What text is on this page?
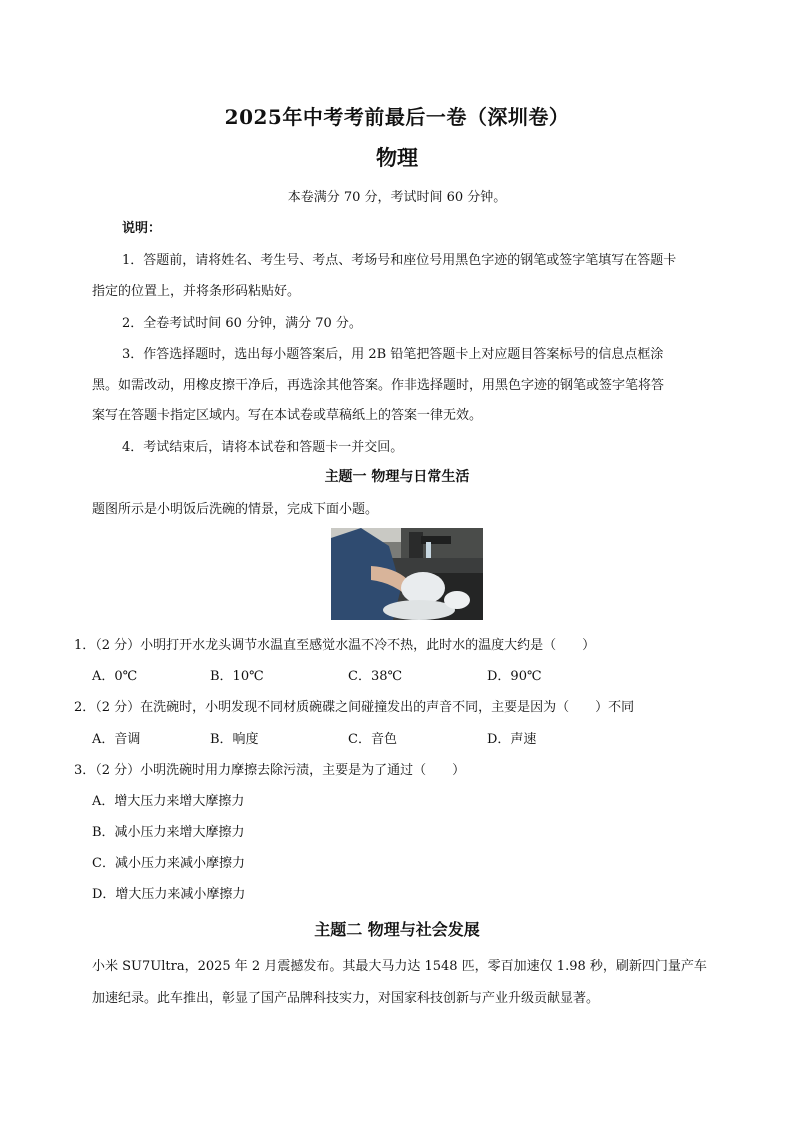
2025年中考考前最后一卷（深圳卷）
物理
本卷满分 70 分，考试时间 60 分钟。
说明：
1．答题前，请将姓名、考生号、考点、考场号和座位号用黑色字迹的钢笔或签字笔填写在答题卡
指定的位置上，并将条形码粘贴好。
2．全卷考试时间 60 分钟，满分 70 分。
3．作答选择题时，选出每小题答案后，用 2B 铅笔把答题卡上对应题目答案标号的信息点框涂
黑。如需改动，用橡皮擦干净后，再选涂其他答案。作非选择题时，用黑色字迹的钢笔或签字笔将答
案写在答题卡指定区域内。写在本试卷或草稿纸上的答案一律无效。
4．考试结束后，请将本试卷和答题卡一并交回。
主题一 物理与日常生活
题图所示是小明饭后洗碗的情景，完成下面小题。
1．（2 分）小明打开水龙头调节水温直至感觉水温不冷不热，此时水的温度大约是（　　）
A．0℃	B．10℃	C．38℃	D．90℃
2．（2 分）在洗碗时，小明发现不同材质碗碟之间碰撞发出的声音不同，主要是因为（　　）不同
A．音调	B．响度	C．音色	D．声速
3．（2 分）小明洗碗时用力摩擦去除污渍，主要是为了通过（　　）
A．增大压力来增大摩擦力
B．减小压力来增大摩擦力
C．减小压力来减小摩擦力
D．增大压力来减小摩擦力
主题二 物理与社会发展
小米 SU7Ultra，2025 年 2 月震撼发布。其最大马力达 1548 匹，零百加速仅 1.98 秒，刷新四门量产车
加速纪录。此车推出，彰显了国产品牌科技实力，对国家科技创新与产业升级贡献显著。
